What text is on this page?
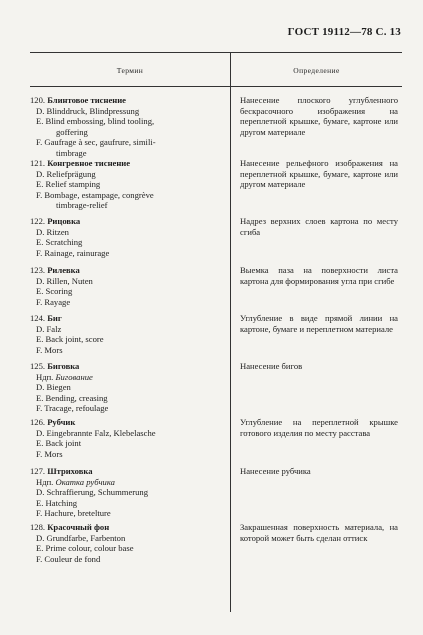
ГОСТ 19112—78 С. 13
Термин	Определение
120. Блинтовое тиснение
D. Blinddruck, Blindpressung
E. Blind embossing, blind tooling,
goffering
F. Gaufrage à sec, gaufrure, simili-
timbrage
Нанесение плоского углубленного бескрасочного изображения на переплетной крышке, бумаге, картоне или другом материале
121. Конгревное тиснение
D. Reliefprägung
E. Relief stamping
F. Bombage, estampage, congrève
timbrage-relief
Нанесение рельефного изображения на переплетной крышке, бумаге, картоне или другом материале
122. Рицовка
D. Ritzen
E. Scratching
F. Rainage, rainurage
Надрез верхних слоев картона по месту сгиба
123. Рилевка
D. Rillen, Nuten
E. Scoring
F. Rayage
Выемка паза на поверхности листа картона для формирования угла при сгибе
124. Биг
D. Falz
E. Back joint, score
F. Mors
Углубление в виде прямой линии на картоне, бумаге и переплетном материале
125. Биговка
Ндп. Бигование
D. Biegen
E. Bending, creasing
F. Tracage, refoulage
Нанесение бигов
126. Рубчик
D. Eingebrannte Falz, Klebelasche
E. Back joint
F. Mors
Углубление на переплетной крышке готового изделия по месту расстава
127. Штриховка
Ндп. Окатка рубчика
D. Schraffierung, Schummerung
E. Hatching
F. Hachure, bretelture
Нанесение рубчика
128. Красочный фон
D. Grundfarbe, Farbenton
E. Prime colour, colour base
F. Couleur de fond
Закрашенная поверхность материала, на которой может быть сделан оттиск
